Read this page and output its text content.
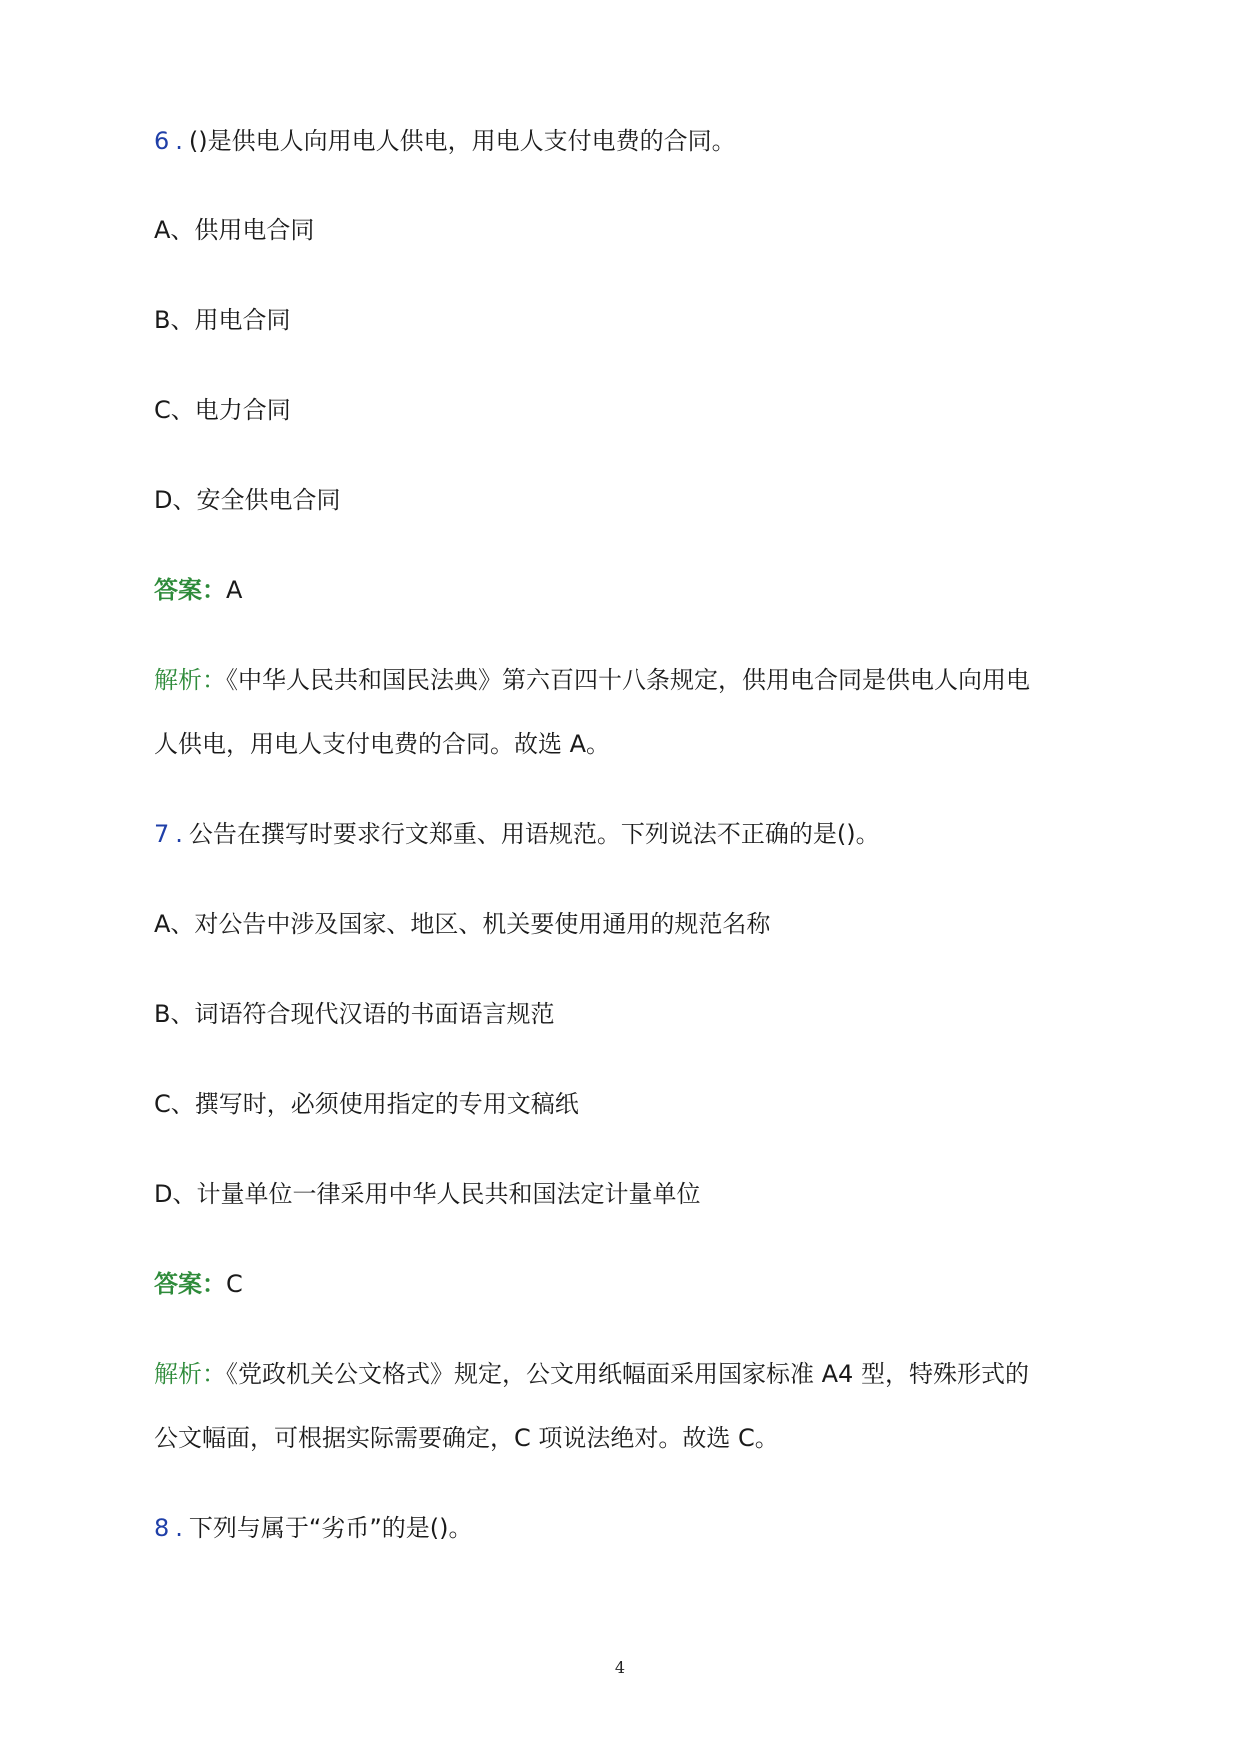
6 . ()是供电人向用电人供电，用电人支付电费的合同。
A、供用电合同
B、用电合同
C、电力合同
D、安全供电合同
答案：A
解析：《中华人民共和国民法典》第六百四十八条规定，供用电合同是供电人向用电
人供电，用电人支付电费的合同。故选 A。
7 . 公告在撰写时要求行文郑重、用语规范。下列说法不正确的是()。
A、对公告中涉及国家、地区、机关要使用通用的规范名称
B、词语符合现代汉语的书面语言规范
C、撰写时，必须使用指定的专用文稿纸
D、计量单位一律采用中华人民共和国法定计量单位
答案：C
解析：《党政机关公文格式》规定，公文用纸幅面采用国家标准 A4 型，特殊形式的
公文幅面，可根据实际需要确定，C 项说法绝对。故选 C。
8 . 下列与属于“劣币”的是()。
4
